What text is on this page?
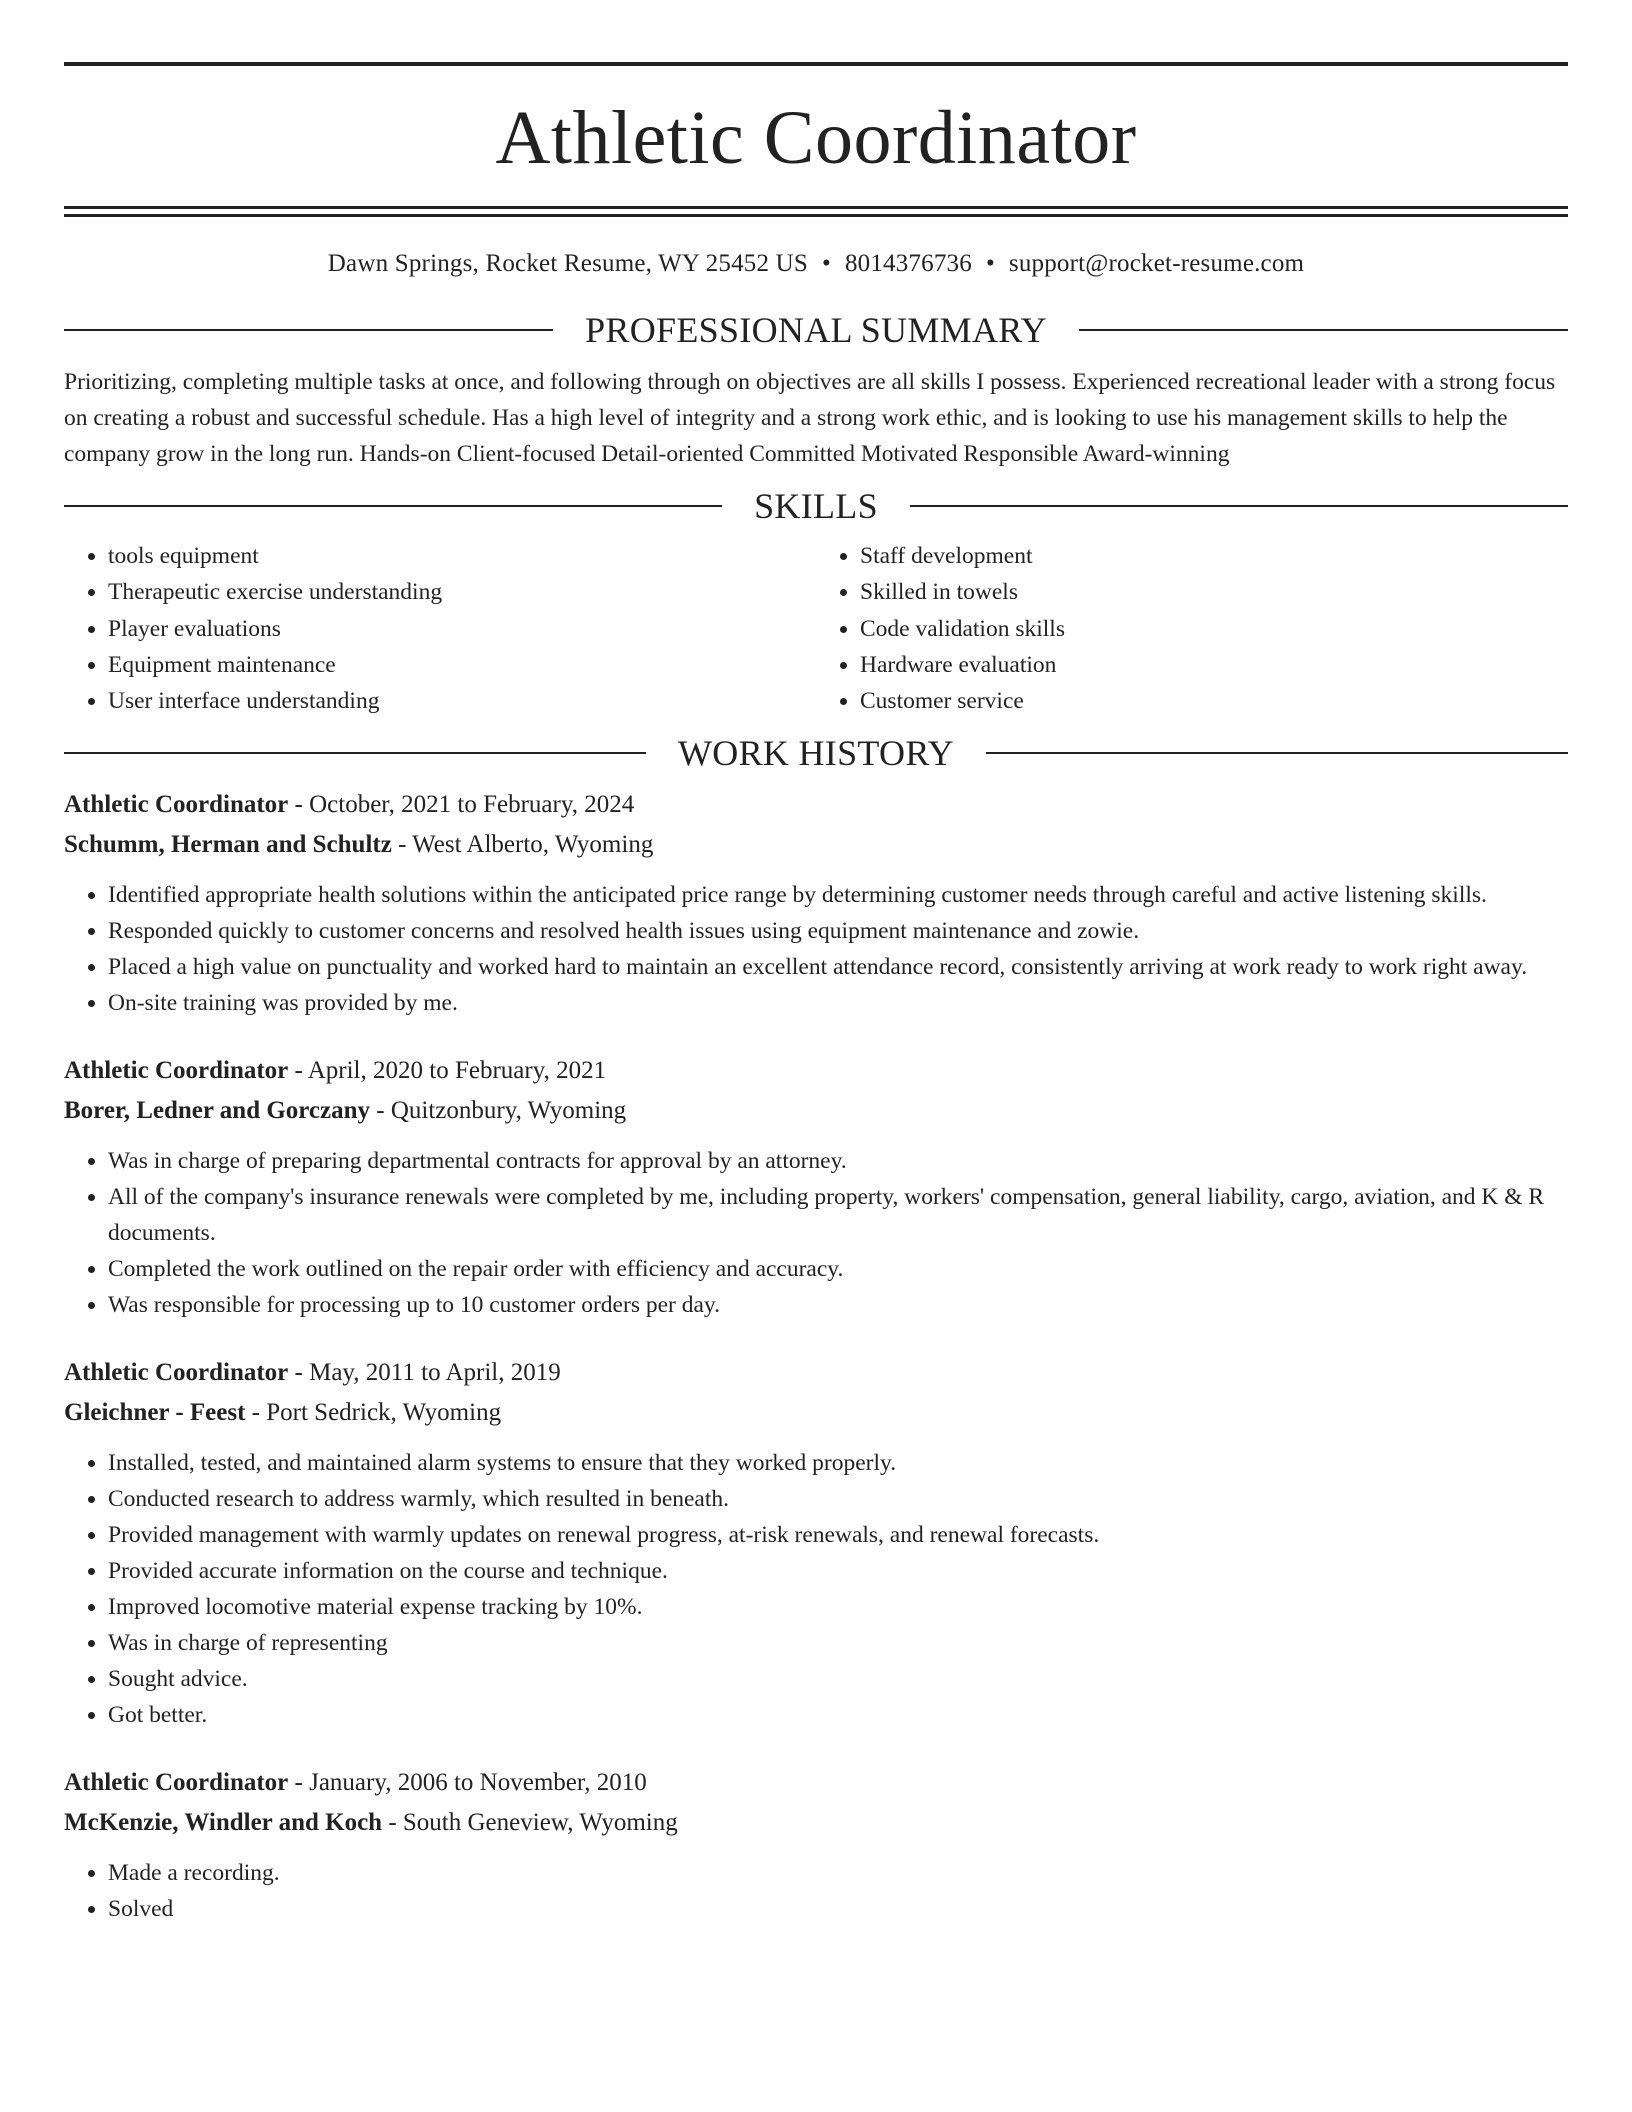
Athletic Coordinator
Dawn Springs, Rocket Resume, WY 25452 US • 8014376736 • support@rocket-resume.com
PROFESSIONAL SUMMARY

Prioritizing, completing multiple tasks at once, and following through on objectives are all skills I possess. Experienced recreational leader with a strong focus on creating a robust and successful schedule. Has a high level of integrity and a strong work ethic, and is looking to use his management skills to help the company grow in the long run. Hands-on Client-focused Detail-oriented Committed Motivated Responsible Award-winning

SKILLS
• tools equipment
• Therapeutic exercise understanding
• Player evaluations
• Equipment maintenance
• User interface understanding
• Staff development
• Skilled in towels
• Code validation skills
• Hardware evaluation
• Customer service
WORK HISTORY
Athletic Coordinator - October, 2021 to February, 2024
Schumm, Herman and Schultz - West Alberto, Wyoming
• Identified appropriate health solutions within the anticipated price range by determining customer needs through careful and active listening skills.
• Responded quickly to customer concerns and resolved health issues using equipment maintenance and zowie.
• Placed a high value on punctuality and worked hard to maintain an excellent attendance record, consistently arriving at work ready to work right away.
• On-site training was provided by me.
Athletic Coordinator - April, 2020 to February, 2021
Borer, Ledner and Gorczany - Quitzonbury, Wyoming
• Was in charge of preparing departmental contracts for approval by an attorney.
• All of the company's insurance renewals were completed by me, including property, workers' compensation, general liability, cargo, aviation, and K & R documents.
• Completed the work outlined on the repair order with efficiency and accuracy.
• Was responsible for processing up to 10 customer orders per day.
Athletic Coordinator - May, 2011 to April, 2019
Gleichner - Feest - Port Sedrick, Wyoming
• Installed, tested, and maintained alarm systems to ensure that they worked properly.
• Conducted research to address warmly, which resulted in beneath.
• Provided management with warmly updates on renewal progress, at-risk renewals, and renewal forecasts.
• Provided accurate information on the course and technique.
• Improved locomotive material expense tracking by 10%.
• Was in charge of representing
• Sought advice.
• Got better.
Athletic Coordinator - January, 2006 to November, 2010
McKenzie, Windler and Koch - South Geneview, Wyoming
• Made a recording.
• Solved
